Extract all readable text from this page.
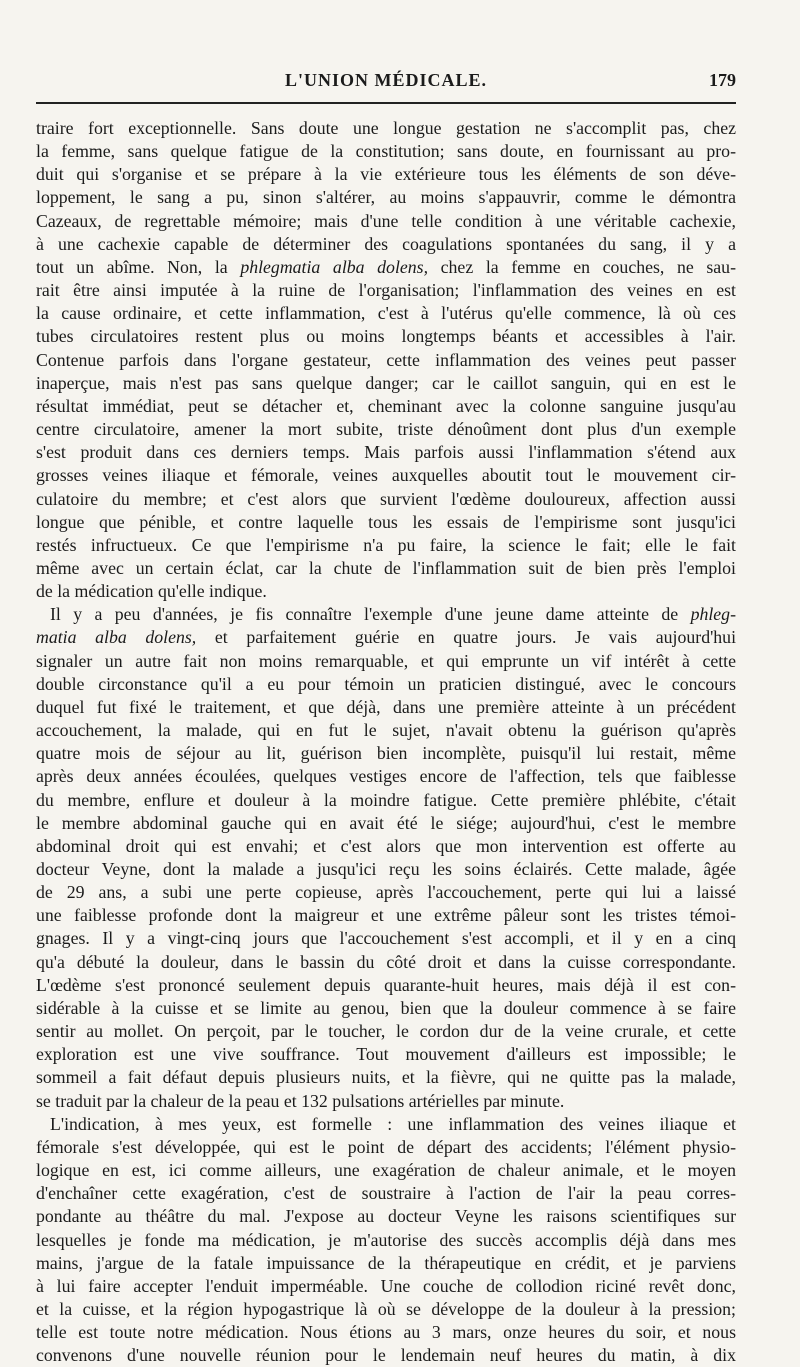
L'UNION MÉDICALE.	179
traire fort exceptionnelle. Sans doute une longue gestation ne s'accomplit pas, chez
la femme, sans quelque fatigue de la constitution; sans doute, en fournissant au pro-
duit qui s'organise et se prépare à la vie extérieure tous les éléments de son déve-
loppement, le sang a pu, sinon s'altérer, au moins s'appauvrir, comme le démontra
Cazeaux, de regrettable mémoire; mais d'une telle condition à une véritable cachexie,
à une cachexie capable de déterminer des coagulations spontanées du sang, il y a
tout un abîme. Non, la phlegmatia alba dolens, chez la femme en couches, ne sau-
rait être ainsi imputée à la ruine de l'organisation; l'inflammation des veines en est
la cause ordinaire, et cette inflammation, c'est à l'utérus qu'elle commence, là où ces
tubes circulatoires restent plus ou moins longtemps béants et accessibles à l'air.
Contenue parfois dans l'organe gestateur, cette inflammation des veines peut passer
inaperçue, mais n'est pas sans quelque danger; car le caillot sanguin, qui en est le
résultat immédiat, peut se détacher et, cheminant avec la colonne sanguine jusqu'au
centre circulatoire, amener la mort subite, triste dénoûment dont plus d'un exemple
s'est produit dans ces derniers temps. Mais parfois aussi l'inflammation s'étend aux
grosses veines iliaque et fémorale, veines auxquelles aboutit tout le mouvement cir-
culatoire du membre; et c'est alors que survient l'œdème douloureux, affection aussi
longue que pénible, et contre laquelle tous les essais de l'empirisme sont jusqu'ici
restés infructueux. Ce que l'empirisme n'a pu faire, la science le fait; elle le fait
même avec un certain éclat, car la chute de l'inflammation suit de bien près l'emploi
de la médication qu'elle indique.
Il y a peu d'années, je fis connaître l'exemple d'une jeune dame atteinte de phleg-
matia alba dolens, et parfaitement guérie en quatre jours. Je vais aujourd'hui
signaler un autre fait non moins remarquable, et qui emprunte un vif intérêt à cette
double circonstance qu'il a eu pour témoin un praticien distingué, avec le concours
duquel fut fixé le traitement, et que déjà, dans une première atteinte à un précédent
accouchement, la malade, qui en fut le sujet, n'avait obtenu la guérison qu'après
quatre mois de séjour au lit, guérison bien incomplète, puisqu'il lui restait, même
après deux années écoulées, quelques vestiges encore de l'affection, tels que faiblesse
du membre, enflure et douleur à la moindre fatigue. Cette première phlébite, c'était
le membre abdominal gauche qui en avait été le siége; aujourd'hui, c'est le membre
abdominal droit qui est envahi; et c'est alors que mon intervention est offerte au
docteur Veyne, dont la malade a jusqu'ici reçu les soins éclairés. Cette malade, âgée
de 29 ans, a subi une perte copieuse, après l'accouchement, perte qui lui a laissé
une faiblesse profonde dont la maigreur et une extrême pâleur sont les tristes témoi-
gnages. Il y a vingt-cinq jours que l'accouchement s'est accompli, et il y en a cinq
qu'a débuté la douleur, dans le bassin du côté droit et dans la cuisse correspondante.
L'œdème s'est prononcé seulement depuis quarante-huit heures, mais déjà il est con-
sidérable à la cuisse et se limite au genou, bien que la douleur commence à se faire
sentir au mollet. On perçoit, par le toucher, le cordon dur de la veine crurale, et cette
exploration est une vive souffrance. Tout mouvement d'ailleurs est impossible; le
sommeil a fait défaut depuis plusieurs nuits, et la fièvre, qui ne quitte pas la malade,
se traduit par la chaleur de la peau et 132 pulsations artérielles par minute.
L'indication, à mes yeux, est formelle : une inflammation des veines iliaque et
fémorale s'est développée, qui est le point de départ des accidents; l'élément physio-
logique en est, ici comme ailleurs, une exagération de chaleur animale, et le moyen
d'enchaîner cette exagération, c'est de soustraire à l'action de l'air la peau corres-
pondante au théâtre du mal. J'expose au docteur Veyne les raisons scientifiques sur
lesquelles je fonde ma médication, je m'autorise des succès accomplis déjà dans mes
mains, j'argue de la fatale impuissance de la thérapeutique en crédit, et je parviens
à lui faire accepter l'enduit imperméable. Une couche de collodion riciné revêt donc,
et la cuisse, et la région hypogastrique là où se développe de la douleur à la pression;
telle est toute notre médication. Nous étions au 3 mars, onze heures du soir, et nous
convenons d'une nouvelle réunion pour le lendemain neuf heures du matin, à dix
